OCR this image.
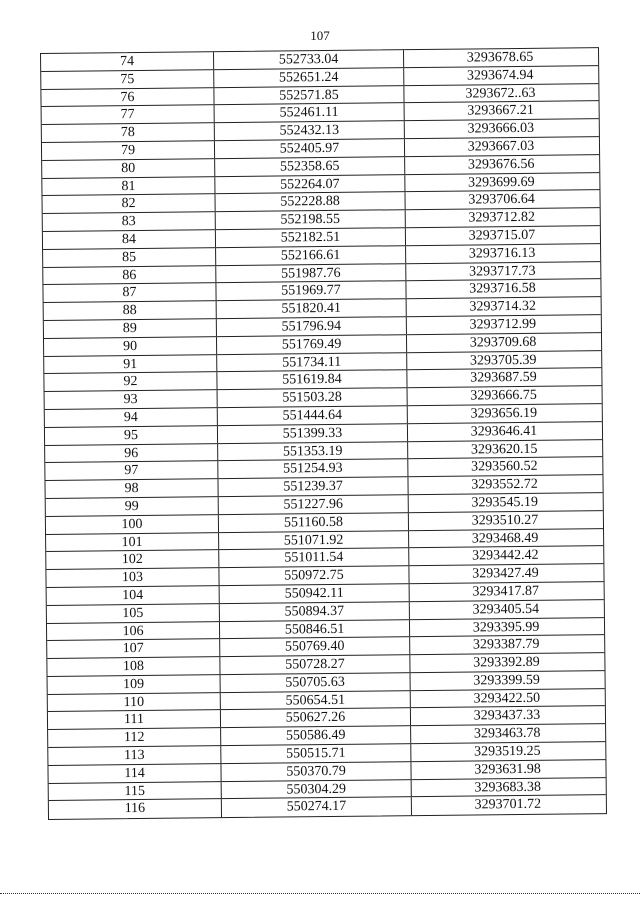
107
74	552733.04	3293678.65
75	552651.24	3293674.94
76	552571.85	3293672..63
77	552461.11	3293667.21
78	552432.13	3293666.03
79	552405.97	3293667.03
80	552358.65	3293676.56
81	552264.07	3293699.69
82	552228.88	3293706.64
83	552198.55	3293712.82
84	552182.51	3293715.07
85	552166.61	3293716.13
86	551987.76	3293717.73
87	551969.77	3293716.58
88	551820.41	3293714.32
89	551796.94	3293712.99
90	551769.49	3293709.68
91	551734.11	3293705.39
92	551619.84	3293687.59
93	551503.28	3293666.75
94	551444.64	3293656.19
95	551399.33	3293646.41
96	551353.19	3293620.15
97	551254.93	3293560.52
98	551239.37	3293552.72
99	551227.96	3293545.19
100	551160.58	3293510.27
101	551071.92	3293468.49
102	551011.54	3293442.42
103	550972.75	3293427.49
104	550942.11	3293417.87
105	550894.37	3293405.54
106	550846.51	3293395.99
107	550769.40	3293387.79
108	550728.27	3293392.89
109	550705.63	3293399.59
110	550654.51	3293422.50
111	550627.26	3293437.33
112	550586.49	3293463.78
113	550515.71	3293519.25
114	550370.79	3293631.98
115	550304.29	3293683.38
116	550274.17	3293701.72
